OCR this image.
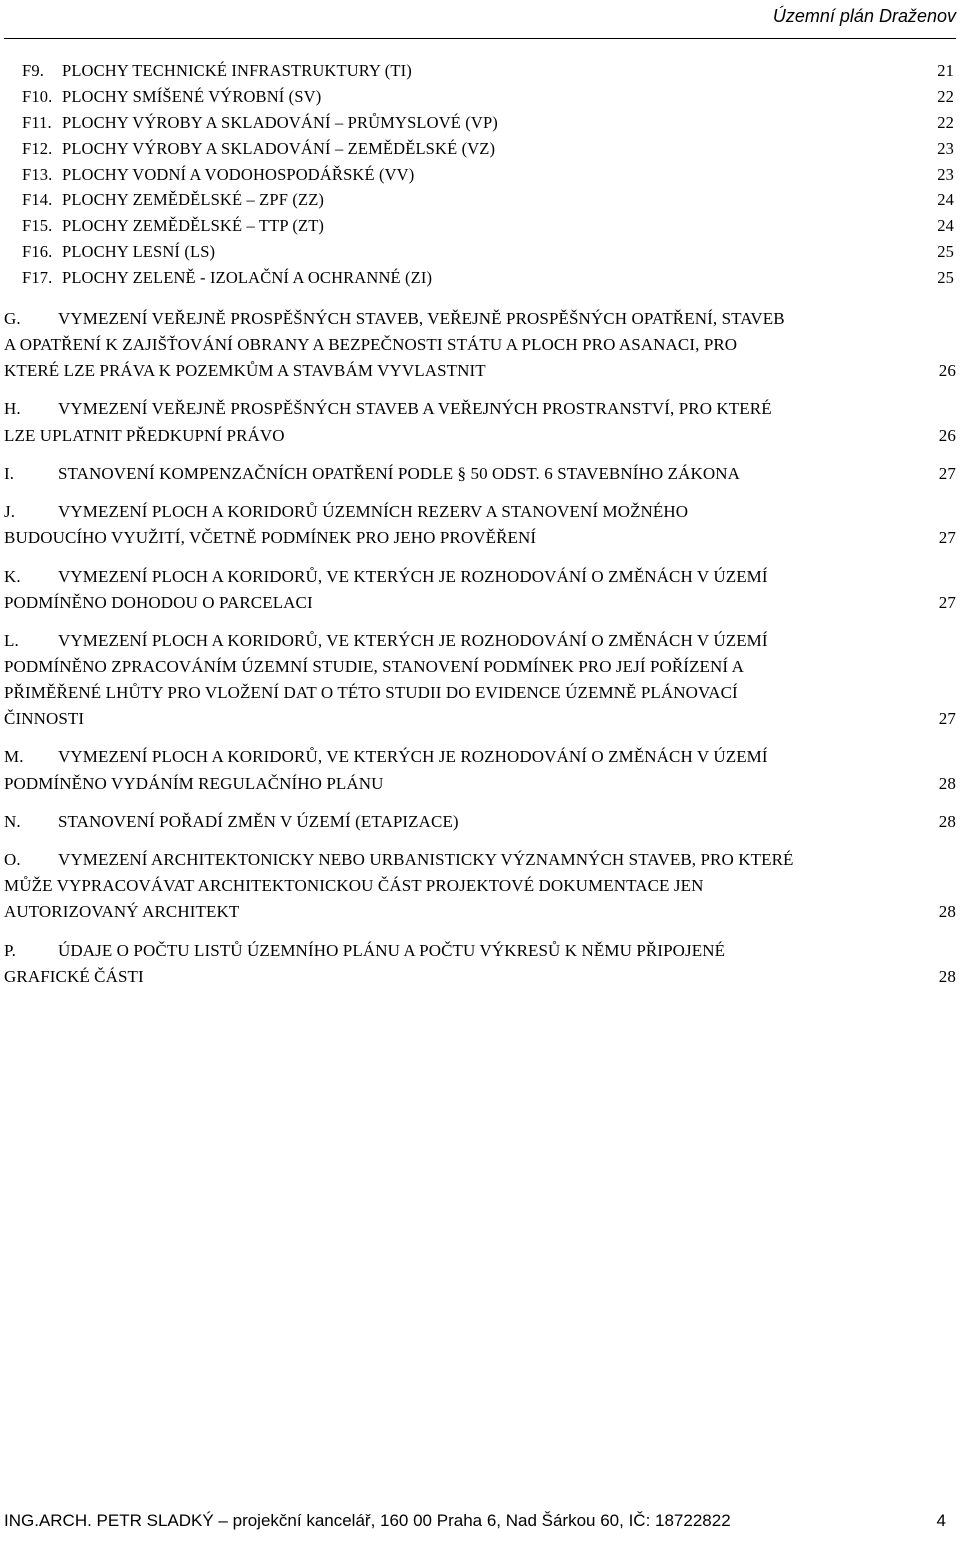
Územní plán Draženov
F9. PLOCHY TECHNICKÉ INFRASTRUKTURY (TI)	21
F10. PLOCHY SMÍŠENÉ VÝROBNÍ (SV)	22
F11. PLOCHY VÝROBY A SKLADOVÁNÍ – PRŮMYSLOVÉ (VP)	22
F12. PLOCHY VÝROBY A SKLADOVÁNÍ – ZEMĚDĚLSKÉ (VZ)	23
F13. PLOCHY VODNÍ A VODOHOSPODÁŘSKÉ (VV)	23
F14. PLOCHY ZEMĚDĚLSKÉ – ZPF (ZZ)	24
F15. PLOCHY ZEMĚDĚLSKÉ – TTP (ZT)	24
F16. PLOCHY LESNÍ (LS)	25
F17. PLOCHY ZELENĚ - IZOLAČNÍ A OCHRANNÉ (ZI)	25
G. VYMEZENÍ VEŘEJNĚ PROSPĚŠNÝCH STAVEB, VEŘEJNĚ PROSPĚŠNÝCH OPATŘENÍ, STAVEB
A OPATŘENÍ K ZAJIŠŤOVÁNÍ OBRANY A BEZPEČNOSTI STÁTU A PLOCH PRO ASANACI, PRO
KTERÉ LZE PRÁVA K POZEMKŮM A STAVBÁM VYVLASTNIT	26
H. VYMEZENÍ VEŘEJNĚ PROSPĚŠNÝCH STAVEB A VEŘEJNÝCH PROSTRANSTVÍ, PRO KTERÉ
LZE UPLATNIT PŘEDKUPNÍ PRÁVO	26
I.	STANOVENÍ KOMPENZAČNÍCH OPATŘENÍ PODLE § 50 ODST. 6 STAVEBNÍHO ZÁKONA	27
J.	VYMEZENÍ PLOCH A KORIDORŮ ÚZEMNÍCH REZERV A STANOVENÍ MOŽNÉHO
BUDOUCÍHO VYUŽITÍ, VČETNĚ PODMÍNEK PRO JEHO PROVĚŘENÍ	27
K. VYMEZENÍ PLOCH A KORIDORŮ, VE KTERÝCH JE ROZHODOVÁNÍ O ZMĚNÁCH V ÚZEMÍ
PODMÍNĚNO DOHODOU O PARCELACI	27
L. VYMEZENÍ PLOCH A KORIDORŮ, VE KTERÝCH JE ROZHODOVÁNÍ O ZMĚNÁCH V ÚZEMÍ
PODMÍNĚNO ZPRACOVÁNÍM ÚZEMNÍ STUDIE, STANOVENÍ PODMÍNEK PRO JEJÍ POŘÍZENÍ A
PŘIMĚŘENÉ LHŮTY PRO VLOŽENÍ DAT O TÉTO STUDII DO EVIDENCE ÚZEMNĚ PLÁNOVACÍ
ČINNOSTI	27
M. VYMEZENÍ PLOCH A KORIDORŮ, VE KTERÝCH JE ROZHODOVÁNÍ O ZMĚNÁCH V ÚZEMÍ
PODMÍNĚNO VYDÁNÍM REGULAČNÍHO PLÁNU	28
N. STANOVENÍ POŘADÍ ZMĚN V ÚZEMÍ (ETAPIZACE)	28
O. VYMEZENÍ ARCHITEKTONICKY NEBO URBANISTICKY VÝZNAMNÝCH STAVEB, PRO KTERÉ
MŮŽE VYPRACOVÁVAT ARCHITEKTONICKOU ČÁST PROJEKTOVÉ DOKUMENTACE JEN
AUTORIZOVANÝ ARCHITEKT	28
P. ÚDAJE O POČTU LISTŮ ÚZEMNÍHO PLÁNU A POČTU VÝKRESŮ K NĚMU PŘIPOJENÉ
GRAFICKÉ ČÁSTI	28
ING.ARCH. PETR SLADKÝ – projekční kancelář, 160 00 Praha 6, Nad Šárkou 60, IČ: 18722822	4
